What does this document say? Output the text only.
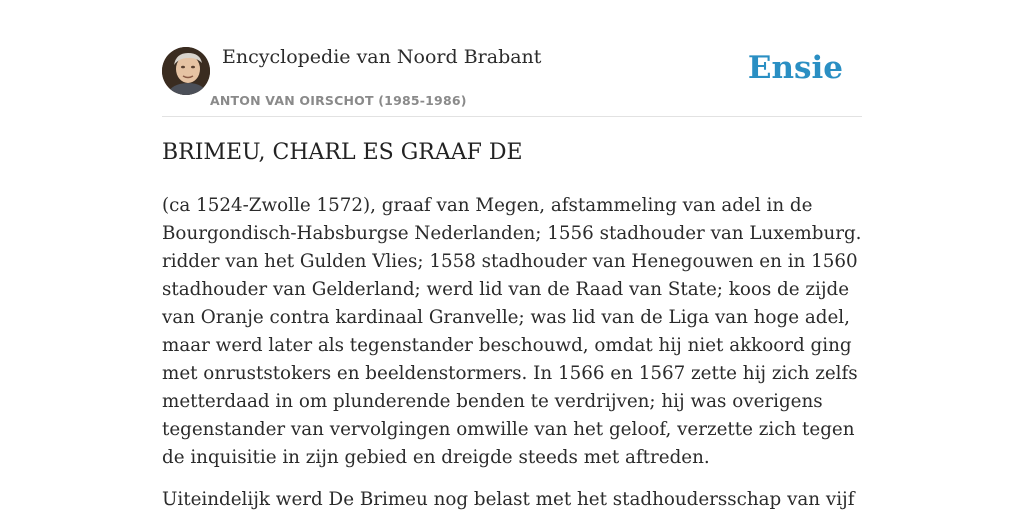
Encyclopedie van Noord Brabant
ANTON VAN OIRSCHOT (1985-1986)
Ensie
BRIMEU, CHARL ES GRAAF DE

(ca 1524-Zwolle 1572), graaf van Megen, afstammeling van adel in de Bourgondisch-Habsburgse Nederlanden; 1556 stadhouder van Luxemburg. ridder van het Gulden Vlies; 1558 stadhouder van Henegouwen en in 1560 stadhouder van Gelderland; werd lid van de Raad van State; koos de zijde van Oranje contra kardinaal Granvelle; was lid van de Liga van hoge adel, maar werd later als tegenstander beschouwd, omdat hij niet akkoord ging met onruststokers en beeldenstormers. In 1566 en 1567 zette hij zich zelfs metterdaad in om plunderende benden te verdrijven; hij was overigens tegenstander van vervolgingen omwille van het geloof, verzette zich tegen de inquisitie in zijn gebied en dreigde steeds met aftreden.

Uiteindelijk werd De Brimeu nog belast met het stadhoudersschap van vijf
